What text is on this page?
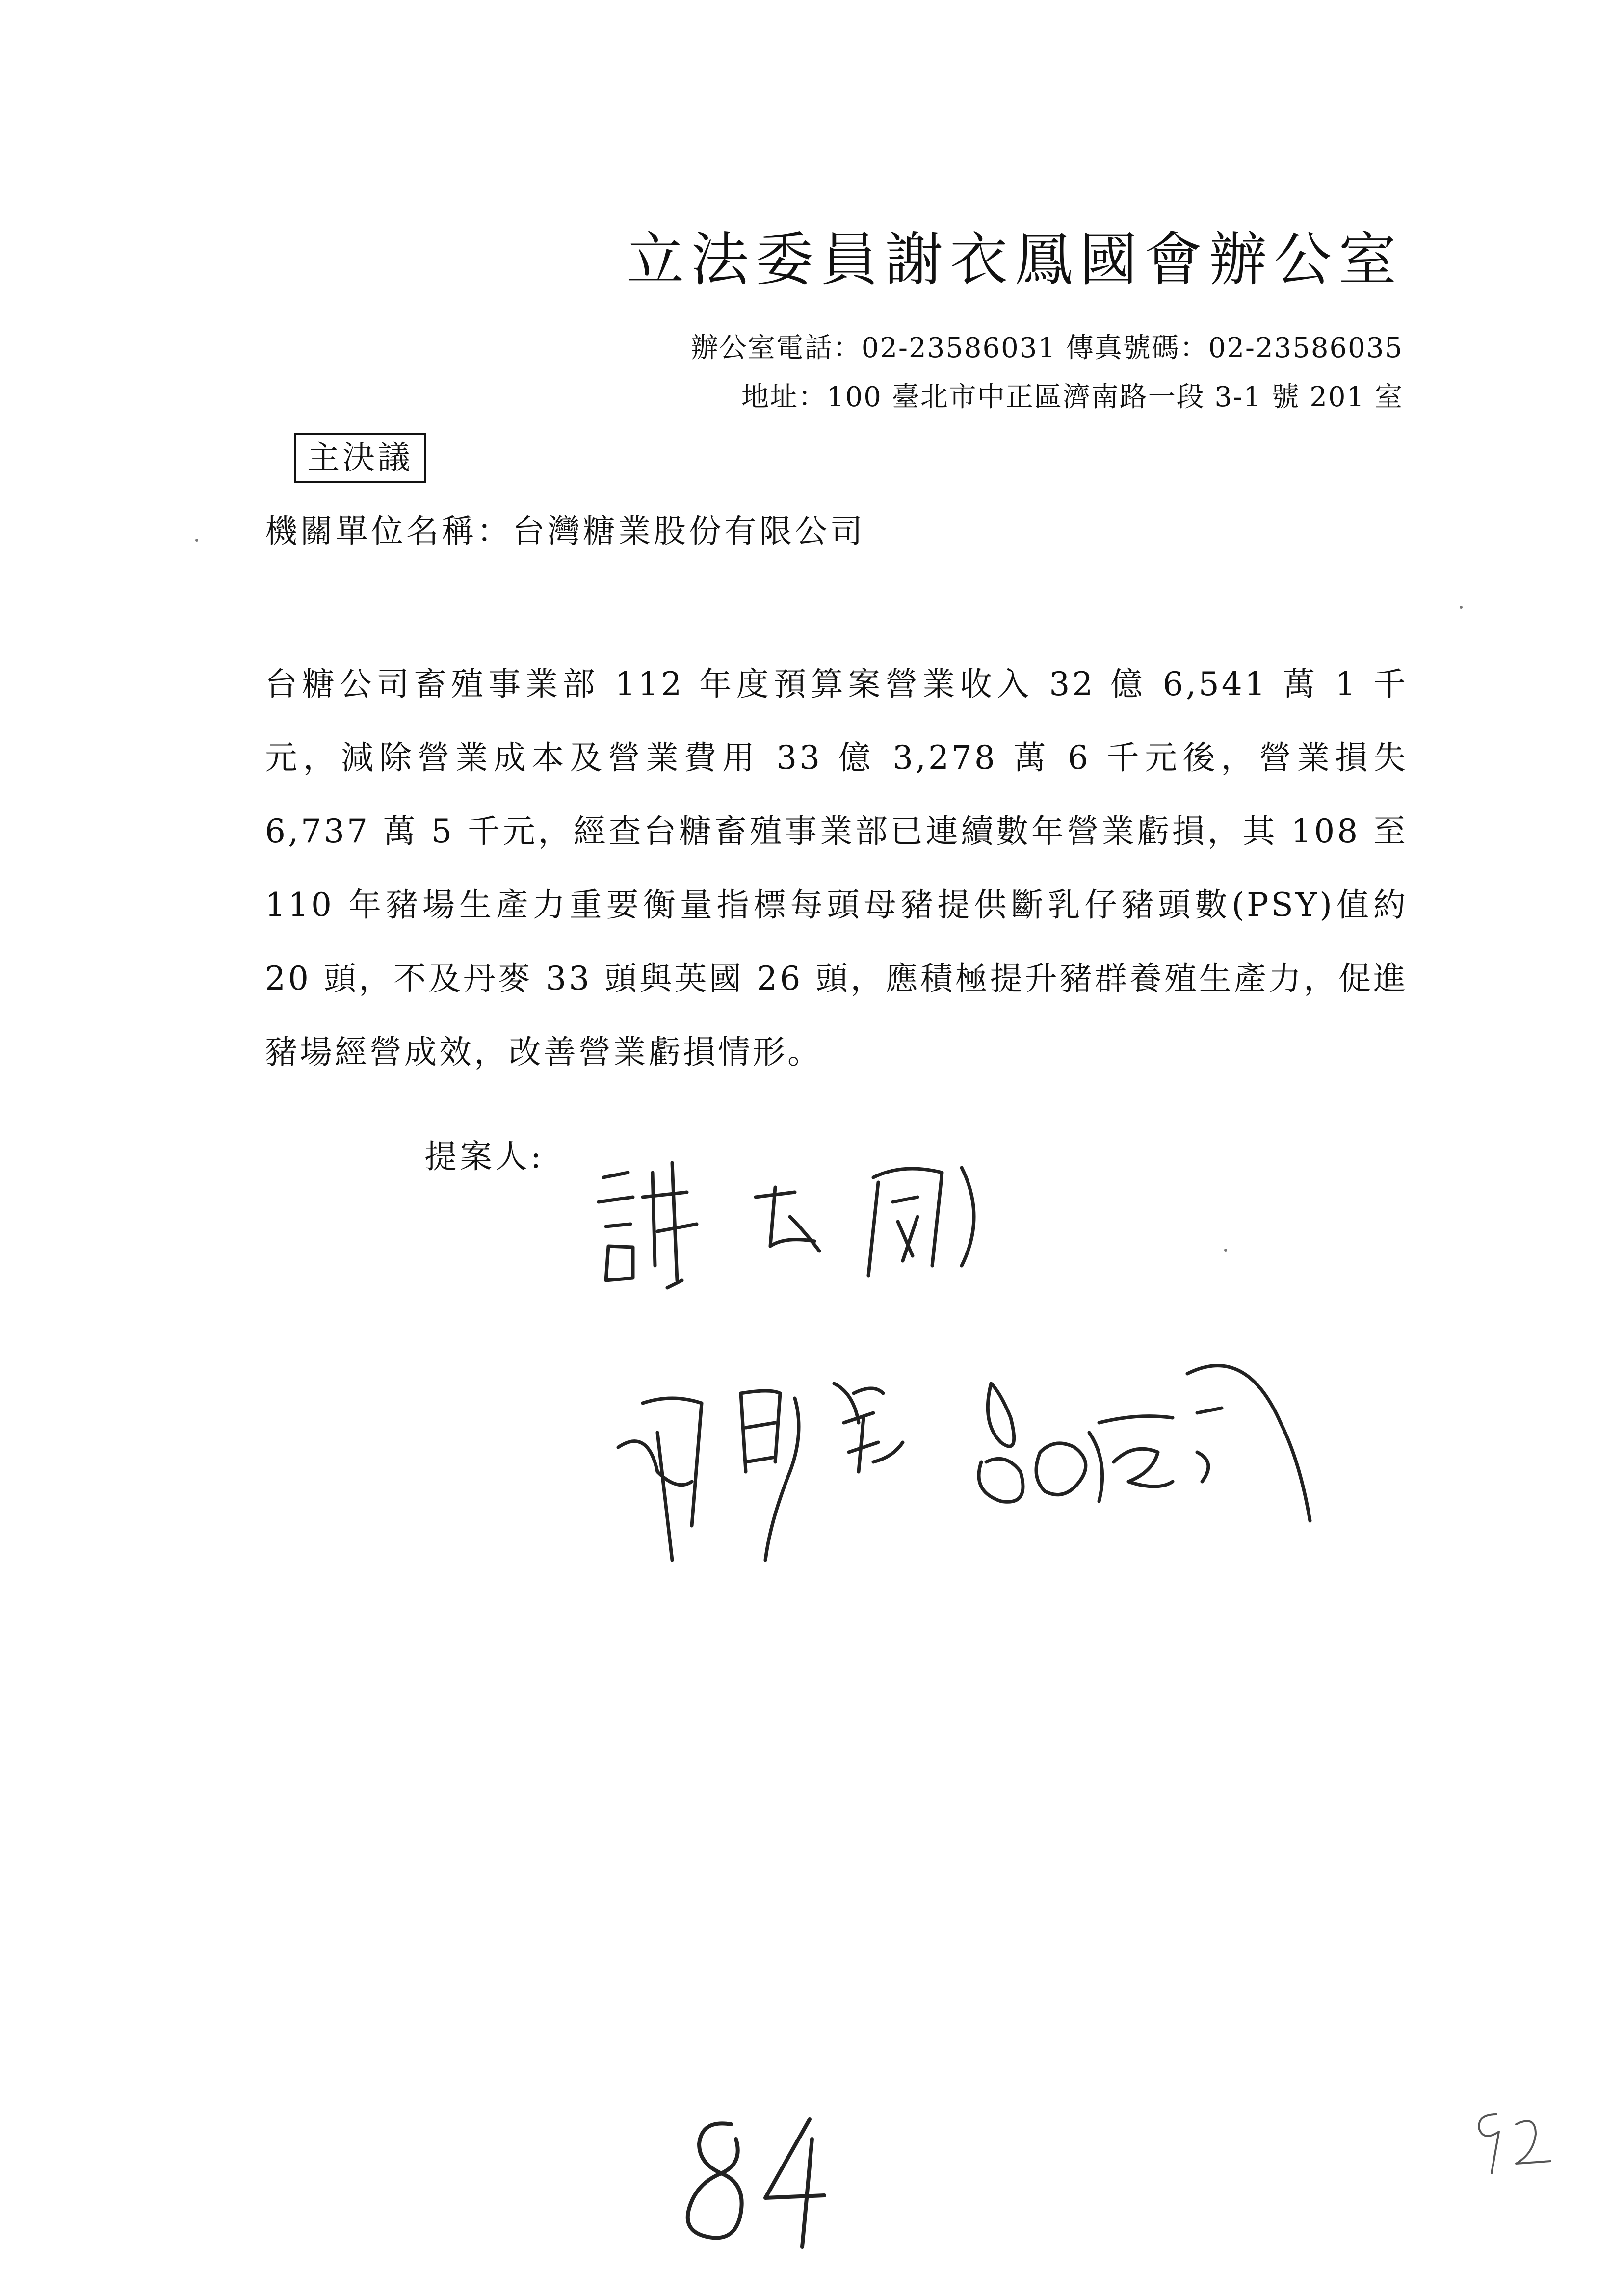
立法委員謝衣鳳國會辦公室
辦公室電話：02-23586031 傳真號碼：02-23586035
地址：100 臺北市中正區濟南路一段 3-1 號 201 室
主決議
機關單位名稱：台灣糖業股份有限公司
台糖公司畜殖事業部 112 年度預算案營業收入 32 億 6,541 萬 1 千元，減除營業成本及營業費用 33 億 3,278 萬 6 千元後，營業損失 6,737 萬 5 千元，經查台糖畜殖事業部已連續數年營業虧損，其 108 至 110 年豬場生產力重要衡量指標每頭母豬提供斷乳仔豬頭數(PSY)值約 20 頭，不及丹麥 33 頭與英國 26 頭，應積極提升豬群養殖生產力，促進豬場經營成效，改善營業虧損情形。
提案人:
